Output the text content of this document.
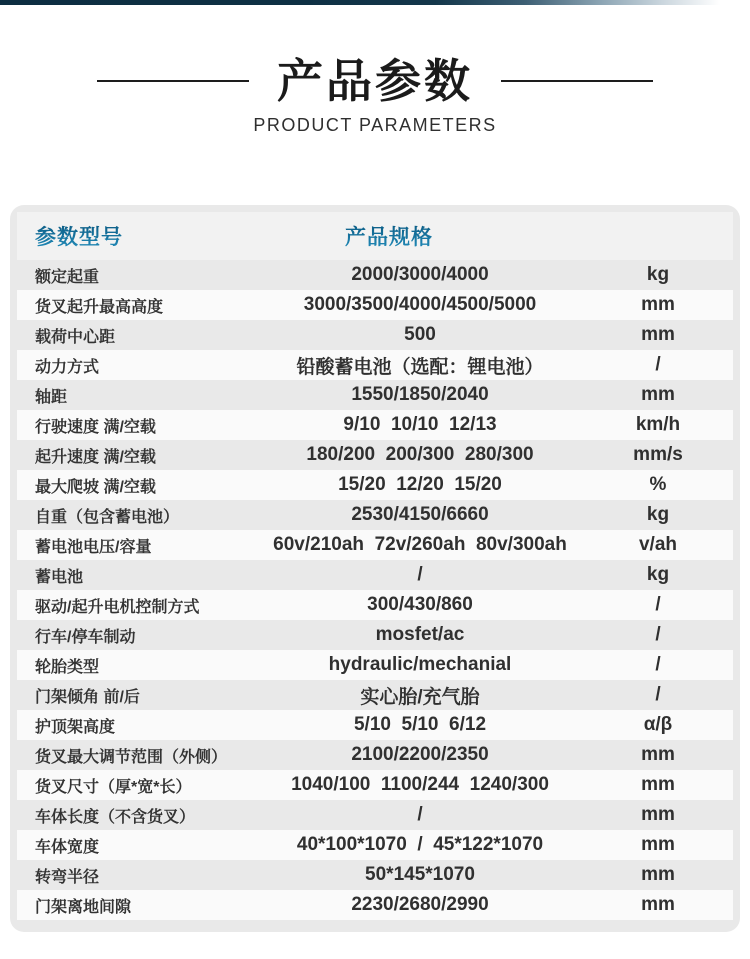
产品参数
PRODUCT PARAMETERS
参数型号	产品规格
额定起重	2000/3000/4000	kg
货叉起升最高高度	3000/3500/4000/4500/5000	mm
载荷中心距	500	mm
动力方式	铅酸蓄电池（选配：锂电池）	/
轴距	1550/1850/2040	mm
行驶速度 满/空载	9/10  10/10  12/13	km/h
起升速度 满/空载	180/200  200/300  280/300	mm/s
最大爬坡 满/空载	15/20  12/20  15/20	%
自重（包含蓄电池）	2530/4150/6660	kg
蓄电池电压/容量	60v/210ah  72v/260ah  80v/300ah	v/ah
蓄电池	/	kg
驱动/起升电机控制方式	300/430/860	/
行车/停车制动	mosfet/ac	/
轮胎类型	hydraulic/mechanial	/
门架倾角 前/后	实心胎/充气胎	/
护顶架高度	5/10  5/10  6/12	α/β
货叉最大调节范围（外侧）	2100/2200/2350	mm
货叉尺寸（厚*宽*长）	1040/100  1100/244  1240/300	mm
车体长度（不含货叉）	/	mm
车体宽度	40*100*1070  /  45*122*1070	mm
转弯半径	50*145*1070	mm
门架离地间隙	2230/2680/2990	mm
